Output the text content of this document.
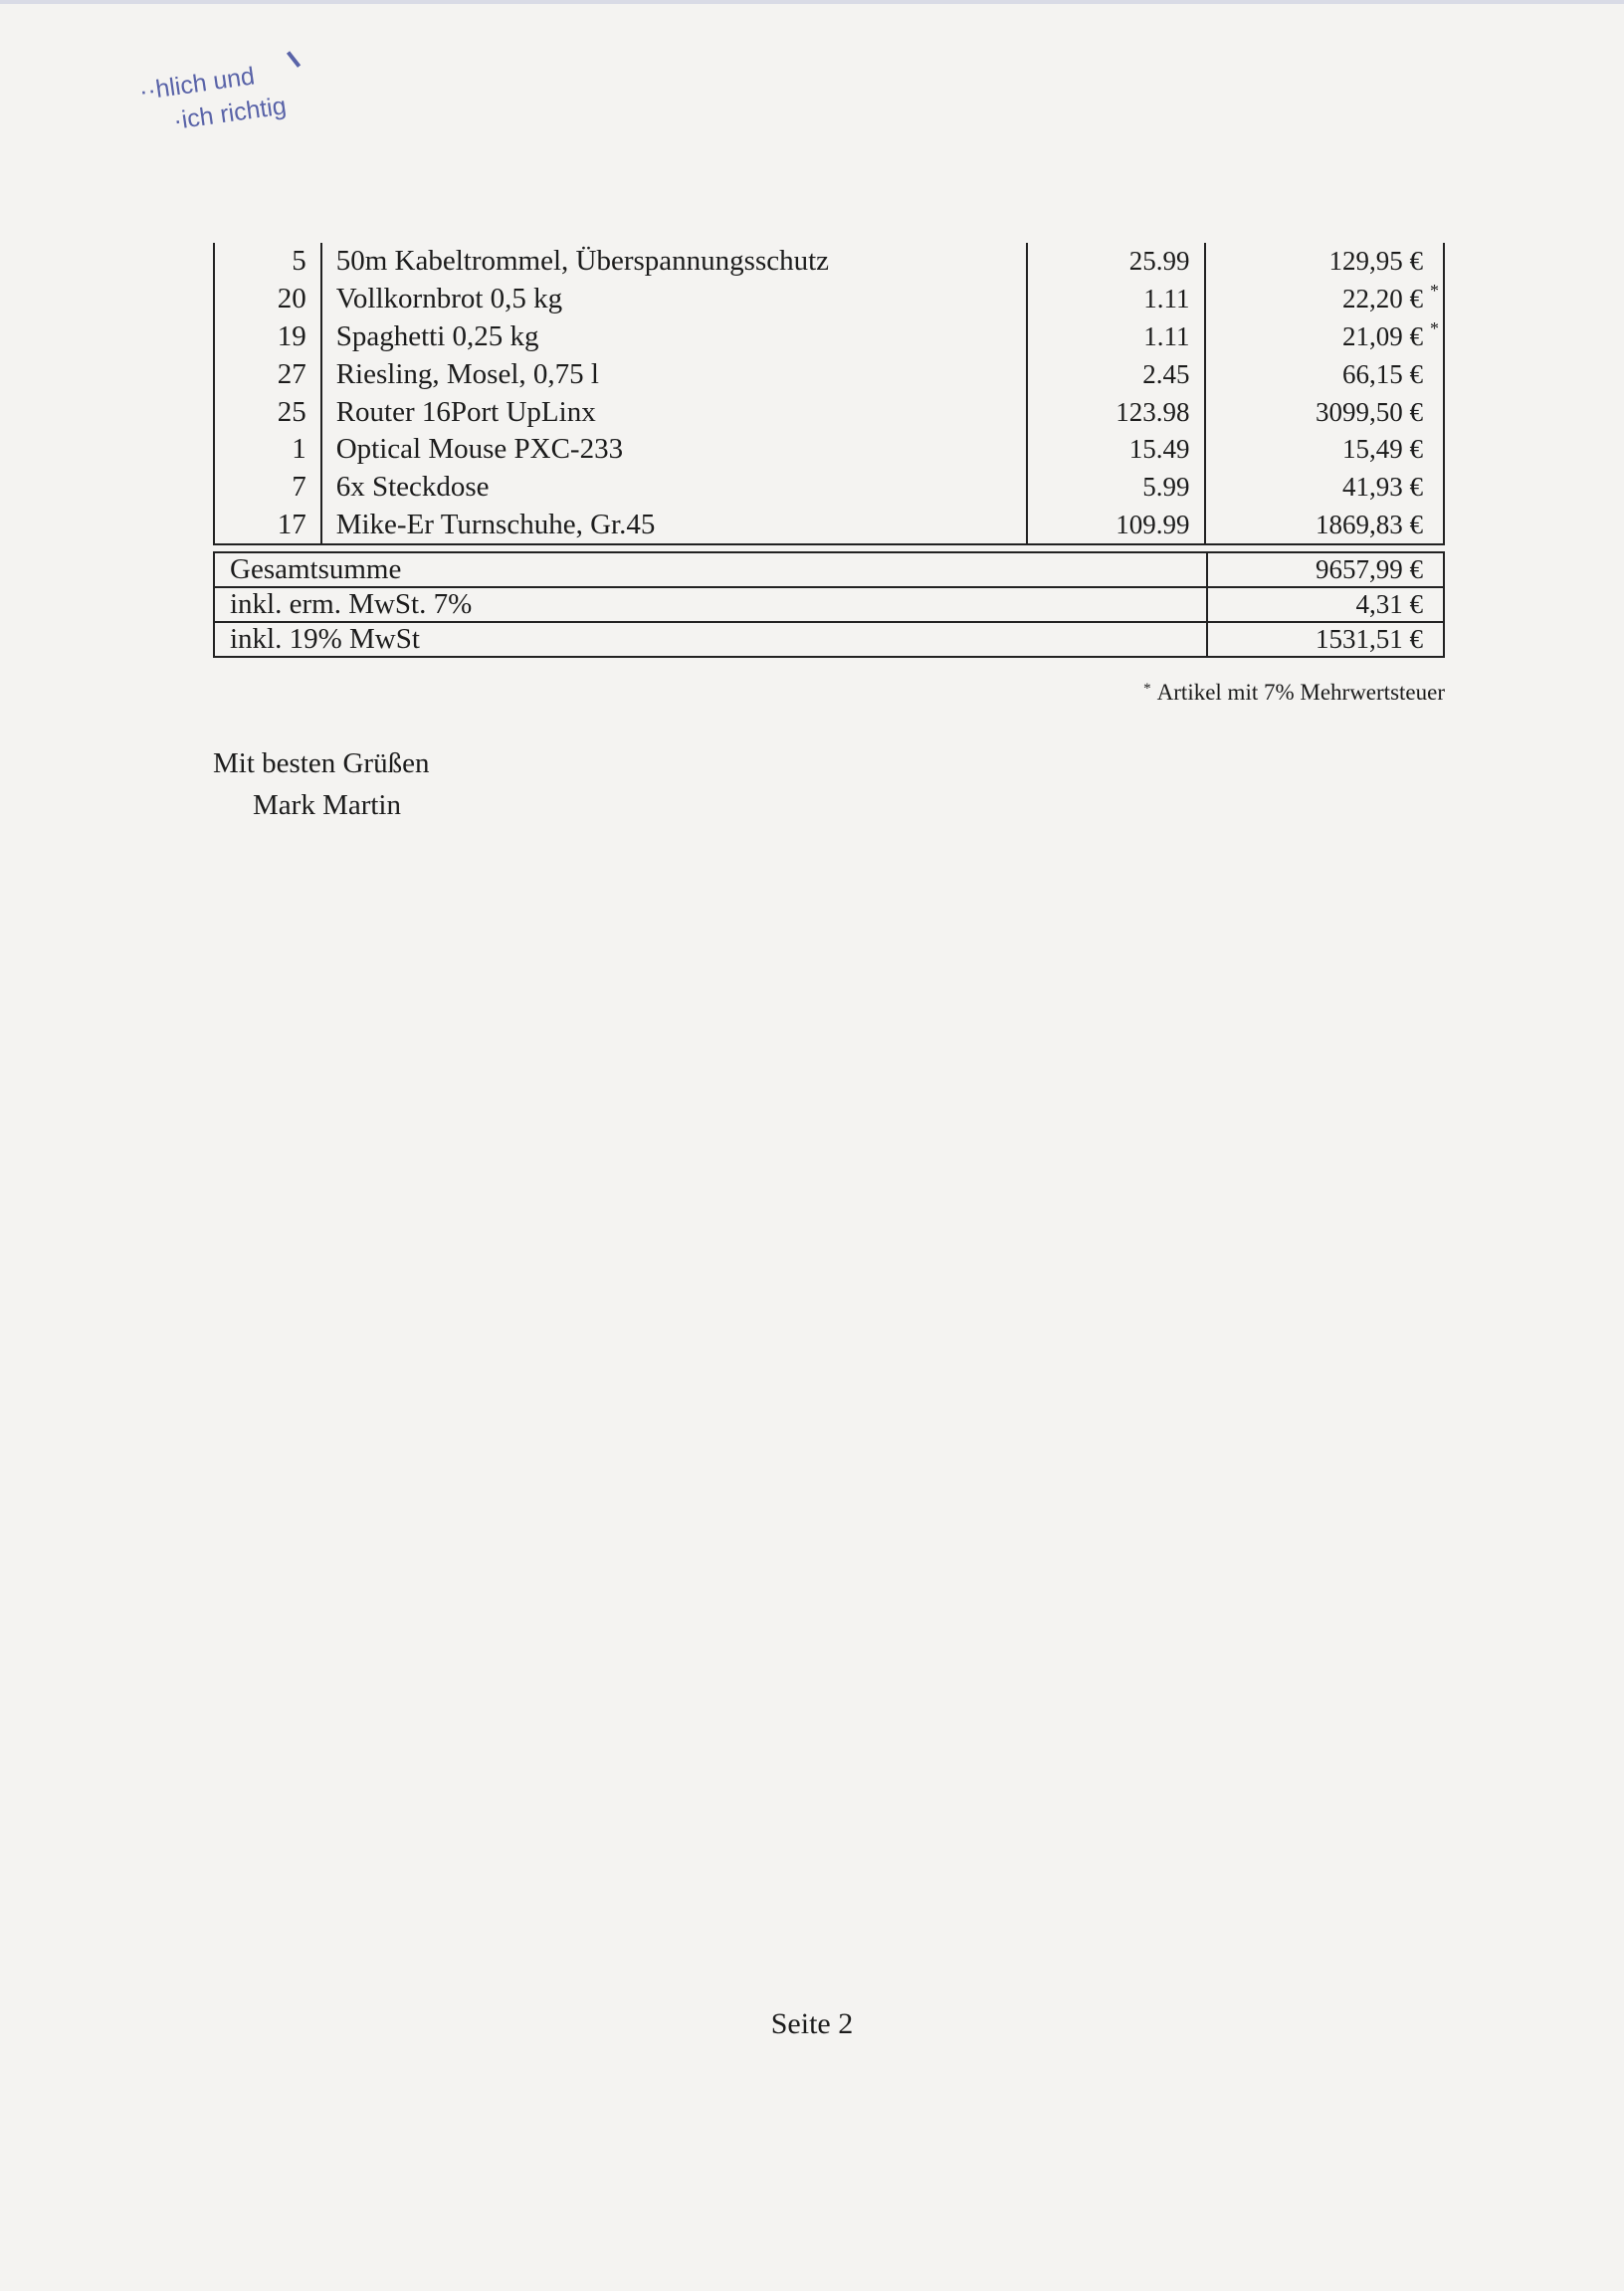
··hlich und
·ich richtig
5	50m Kabeltrommel, Überspannungsschutz	25.99	129,95 €

20	Vollkornbrot 0,5 kg	1.11	22,20 € *

19	Spaghetti 0,25 kg	1.11	21,09 € *

27	Riesling, Mosel, 0,75 l	2.45	66,15 €

25	Router 16Port UpLinx	123.98	3099,50 €

1	Optical Mouse PXC-233	15.49	15,49 €

7	6x Steckdose	5.99	41,93 €

17	Mike-Er Turnschuhe, Gr.45	109.99	1869,83 €
Gesamtsumme	9657,99 €
inkl. erm. MwSt. 7%	4,31 €
inkl. 19% MwSt	1531,51 €
* Artikel mit 7% Mehrwertsteuer
Mit besten Grüßen
Mark Martin
Seite 2
